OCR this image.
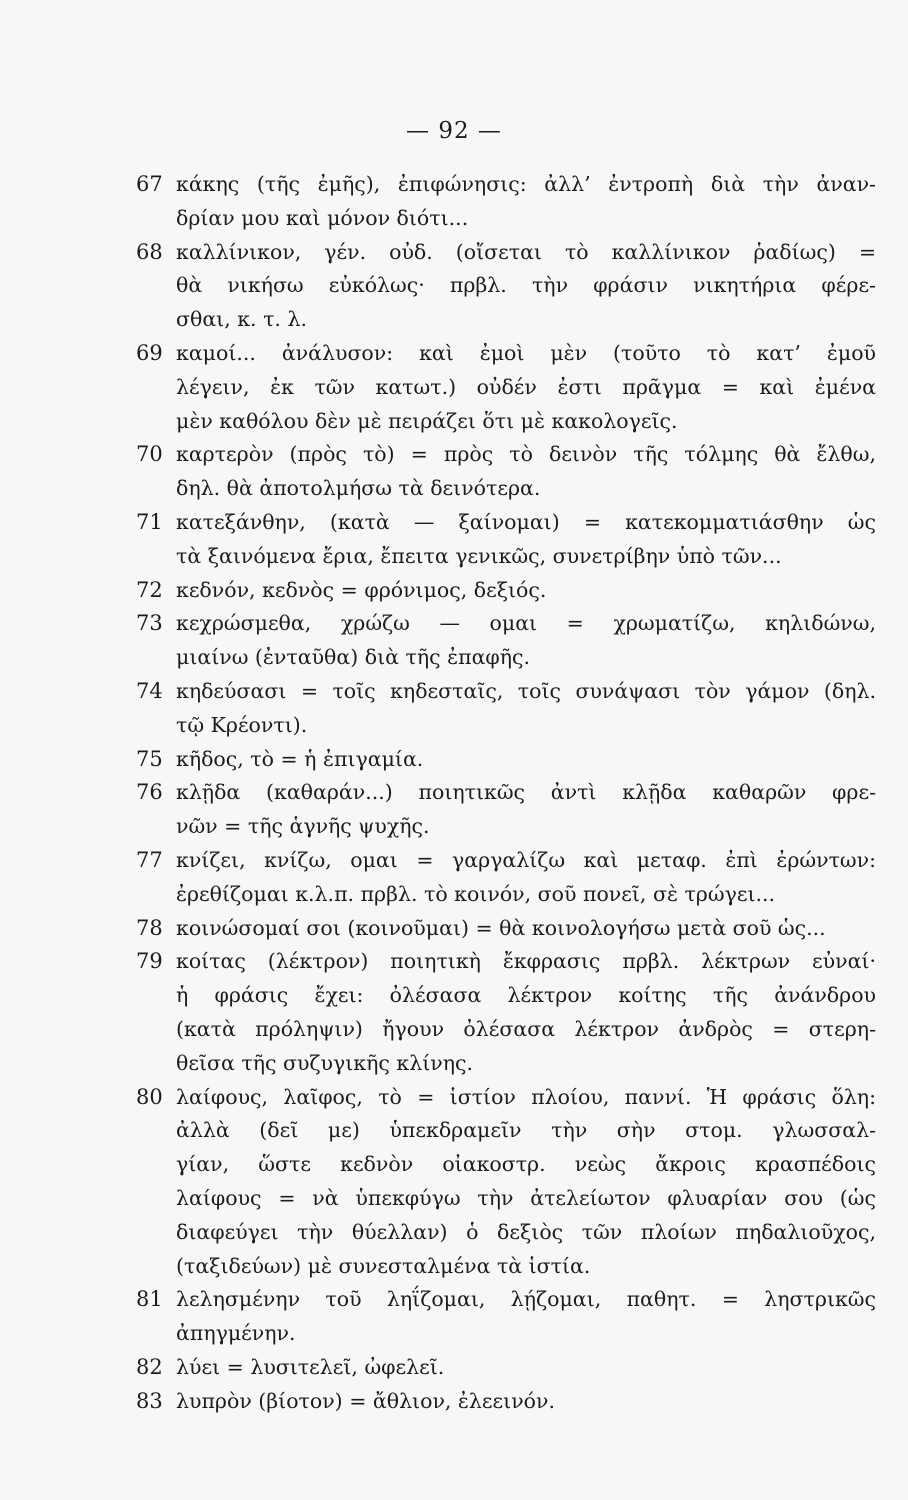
— 92 —
67 κάκης (τῆς ἐμῆς), ἐπιφώνησις: ἀλλ’ ἐντροπὴ διὰ τὴν ἀναν-
δρίαν μου καὶ μόνον διότι...
68 καλλίνικον, γέν. οὐδ. (οἴσεται τὸ καλλίνικον ῥαδίως) =
θὰ νικήσω εὐκόλως· πρβλ. τὴν φράσιν νικητήρια φέρε-
σθαι, κ. τ. λ.
69 καμοί... ἀνάλυσον: καὶ ἐμοὶ μὲν (τοῦτο τὸ κατ’ ἐμοῦ
λέγειν, ἐκ τῶν κατωτ.) οὐδέν ἐστι πρᾶγμα = καὶ ἐμένα
μὲν καθόλου δὲν μὲ πειράζει ὅτι μὲ κακολογεῖς.
70 καρτερὸν (πρὸς τὸ) = πρὸς τὸ δεινὸν τῆς τόλμης θὰ ἔλθω,
δηλ. θὰ ἀποτολμήσω τὰ δεινότερα.
71 κατεξάνθην, (κατὰ — ξαίνομαι) = κατεκομματιάσθην ὡς
τὰ ξαινόμενα ἔρια, ἔπειτα γενικῶς, συνετρίβην ὑπὸ τῶν...
72 κεδνόν, κεδνὸς = φρόνιμος, δεξιός.
73 κεχρώσμεθα, χρώζω — ομαι = χρωματίζω, κηλιδώνω,
μιαίνω (ἐνταῦθα) διὰ τῆς ἐπαφῆς.
74 κηδεύσασι = τοῖς κηδεσταῖς, τοῖς συνάψασι τὸν γάμον (δηλ.
τῷ Κρέοντι).
75 κῆδος, τὸ = ἡ ἐπιγαμία.
76 κλῇδα (καθαράν...) ποιητικῶς ἀντὶ κλῇδα καθαρῶν φρε-
νῶν = τῆς ἁγνῆς ψυχῆς.
77 κνίζει, κνίζω, ομαι = γαργαλίζω καὶ μεταφ. ἐπὶ ἐρώντων:
ἐρεθίζομαι κ.λ.π. πρβλ. τὸ κοινόν, σοῦ πονεῖ, σὲ τρώγει...
78 κοινώσομαί σοι (κοινοῦμαι) = θὰ κοινολογήσω μετὰ σοῦ ὡς...
79 κοίτας (λέκτρον) ποιητικὴ ἔκφρασις πρβλ. λέκτρων εὐναί·
ἡ φράσις ἔχει: ὀλέσασα λέκτρον κοίτης τῆς ἀνάνδρου
(κατὰ πρόληψιν) ἤγουν ὀλέσασα λέκτρον ἀνδρὸς = στερη-
θεῖσα τῆς συζυγικῆς κλίνης.
80 λαίφους, λαῖφος, τὸ = ἱστίον πλοίου, παννί. Ἡ φράσις ὅλη:
ἀλλὰ (δεῖ με) ὑπεκδραμεῖν τὴν σὴν στομ. γλωσσαλ-
γίαν, ὥστε κεδνὸν οἰακοστρ. νεὼς ἄκροις κρασπέδοις
λαίφους = νὰ ὑπεκφύγω τὴν ἀτελείωτον φλυαρίαν σου (ὡς
διαφεύγει τὴν θύελλαν) ὁ δεξιὸς τῶν πλοίων πηδαλιοῦχος,
(ταξιδεύων) μὲ συνεσταλμένα τὰ ἱστία.
81 λελησμένην τοῦ ληΐζομαι, λῄζομαι, παθητ. = ληστρικῶς
ἀπηγμένην.
82 λύει = λυσιτελεῖ, ὠφελεῖ.
83 λυπρὸν (βίοτον) = ἄθλιον, ἐλεεινόν.
